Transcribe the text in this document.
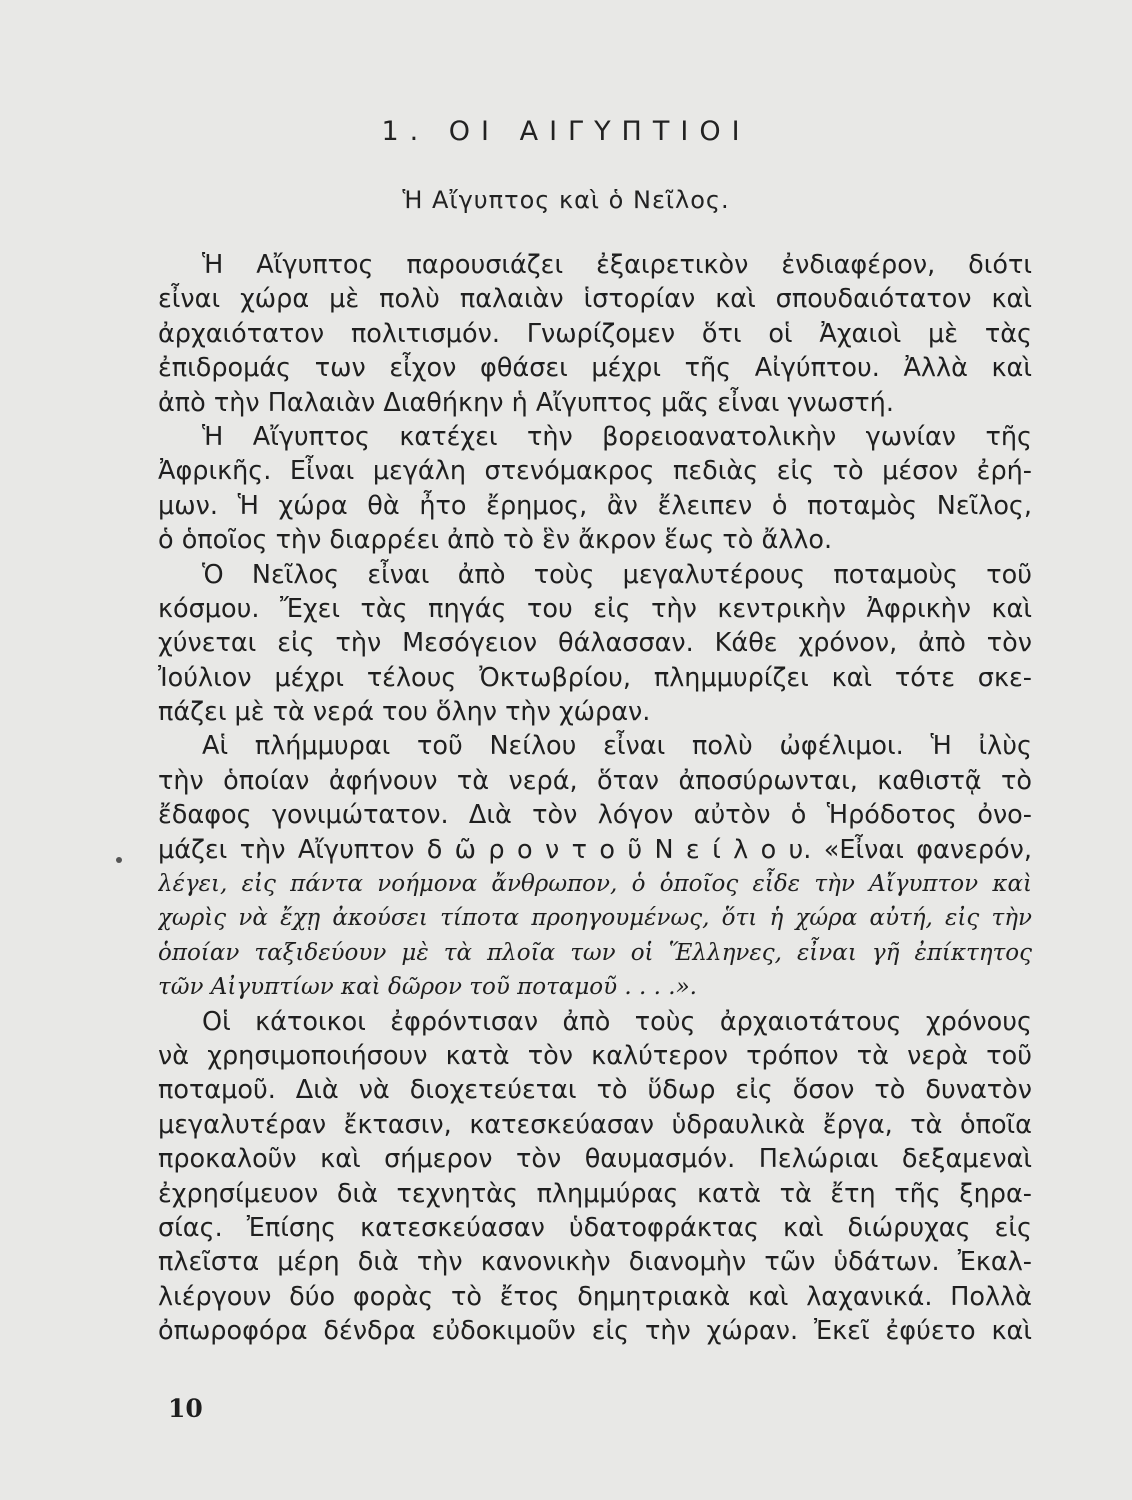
1. ΟΙ ΑΙΓΥΠΤΙΟΙ
Ἡ Αἴγυπτος καὶ ὁ Νεῖλος.
Ἡ Αἴγυπτος παρουσιάζει ἐξαιρετικὸν ἐνδιαφέρον, διότι
εἶναι χώρα μὲ πολὺ παλαιὰν ἱστορίαν καὶ σπουδαιότατον καὶ
ἀρχαιότατον πολιτισμόν. Γνωρίζομεν ὅτι οἱ Ἀχαιοὶ μὲ τὰς
ἐπιδρομάς των εἶχον φθάσει μέχρι τῆς Αἰγύπτου. Ἀλλὰ καὶ
ἀπὸ τὴν Παλαιὰν Διαθήκην ἡ Αἴγυπτος μᾶς εἶναι γνωστή.
Ἡ Αἴγυπτος κατέχει τὴν βορειοανατολικὴν γωνίαν τῆς
Ἀφρικῆς. Εἶναι μεγάλη στενόμακρος πεδιὰς εἰς τὸ μέσον ἐρή-
μων. Ἡ χώρα θὰ ἦτο ἔρημος, ἂν ἔλειπεν ὁ ποταμὸς Νεῖλος,
ὁ ὁποῖος τὴν διαρρέει ἀπὸ τὸ ἓν ἄκρον ἕως τὸ ἄλλο.
Ὁ Νεῖλος εἶναι ἀπὸ τοὺς μεγαλυτέρους ποταμοὺς τοῦ
κόσμου. Ἔχει τὰς πηγάς του εἰς τὴν κεντρικὴν Ἀφρικὴν καὶ
χύνεται εἰς τὴν Μεσόγειον θάλασσαν. Κάθε χρόνον, ἀπὸ τὸν
Ἰούλιον μέχρι τέλους Ὀκτωβρίου, πλημμυρίζει καὶ τότε σκε-
πάζει μὲ τὰ νερά του ὅλην τὴν χώραν.
Αἱ πλήμμυραι τοῦ Νείλου εἶναι πολὺ ὠφέλιμοι. Ἡ ἰλὺς
τὴν ὁποίαν ἀφήνουν τὰ νερά, ὅταν ἀποσύρωνται, καθιστᾷ τὸ
ἔδαφος γονιμώτατον. Διὰ τὸν λόγον αὐτὸν ὁ Ἡρόδοτος ὀνο-
μάζει τὴν Αἴγυπτον δ ῶ ρ ο ν τ ο ῦ Ν ε ί λ ο υ. «Εἶναι φανερόν,
λέγει, εἰς πάντα νοήμονα ἄνθρωπον, ὁ ὁποῖος εἶδε τὴν Αἴγυπτον καὶ
χωρὶς νὰ ἔχῃ ἀκούσει τίποτα προηγουμένως, ὅτι ἡ χώρα αὐτή, εἰς τὴν
ὁποίαν ταξιδεύουν μὲ τὰ πλοῖα των οἱ Ἕλληνες, εἶναι γῆ ἐπίκτητος
τῶν Αἰγυπτίων καὶ δῶρον τοῦ ποταμοῦ . . . .».
Οἱ κάτοικοι ἐφρόντισαν ἀπὸ τοὺς ἀρχαιοτάτους χρόνους
νὰ χρησιμοποιήσουν κατὰ τὸν καλύτερον τρόπον τὰ νερὰ τοῦ
ποταμοῦ. Διὰ νὰ διοχετεύεται τὸ ὕδωρ εἰς ὅσον τὸ δυνατὸν
μεγαλυτέραν ἔκτασιν, κατεσκεύασαν ὑδραυλικὰ ἔργα, τὰ ὁποῖα
προκαλοῦν καὶ σήμερον τὸν θαυμασμόν. Πελώριαι δεξαμεναὶ
ἐχρησίμευον διὰ τεχνητὰς πλημμύρας κατὰ τὰ ἔτη τῆς ξηρα-
σίας. Ἐπίσης κατεσκεύασαν ὑδατοφράκτας καὶ διώρυχας εἰς
πλεῖστα μέρη διὰ τὴν κανονικὴν διανομὴν τῶν ὑδάτων. Ἐκαλ-
λιέργουν δύο φορὰς τὸ ἔτος δημητριακὰ καὶ λαχανικά. Πολλὰ
ὀπωροφόρα δένδρα εὐδοκιμοῦν εἰς τὴν χώραν. Ἐκεῖ ἐφύετο καὶ
10
